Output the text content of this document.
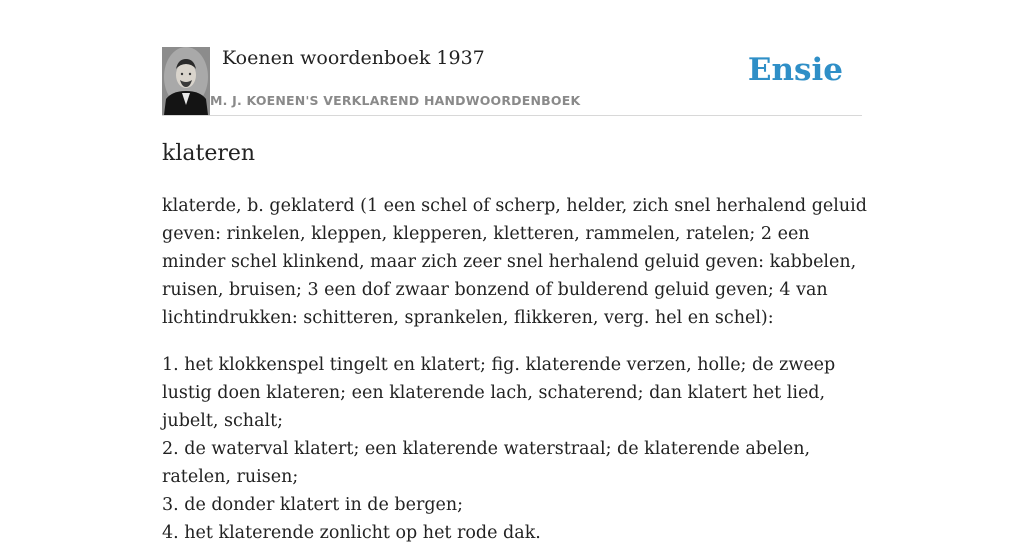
Koenen woordenboek 1937
M. J. KOENEN'S VERKLAREND HANDWOORDENBOEK
Ensie
klateren

klaterde, b. geklaterd (1 een schel of scherp, helder, zich snel herhalend geluid geven: rinkelen, kleppen, klepperen, kletteren, rammelen, ratelen; 2 een minder schel klinkend, maar zich zeer snel herhalend geluid geven: kabbelen, ruisen, bruisen; 3 een dof zwaar bonzend of bulderend geluid geven; 4 van lichtindrukken: schitteren, sprankelen, flikkeren, verg. hel en schel):

1. het klokkenspel tingelt en klatert; fig. klaterende verzen, holle; de zweep lustig doen klateren; een klaterende lach, schaterend; dan klatert het lied, jubelt, schalt;
2. de waterval klatert; een klaterende waterstraal; de klaterende abelen, ratelen, ruisen;
3. de donder klatert in de bergen;
4. het klaterende zonlicht op het rode dak.
